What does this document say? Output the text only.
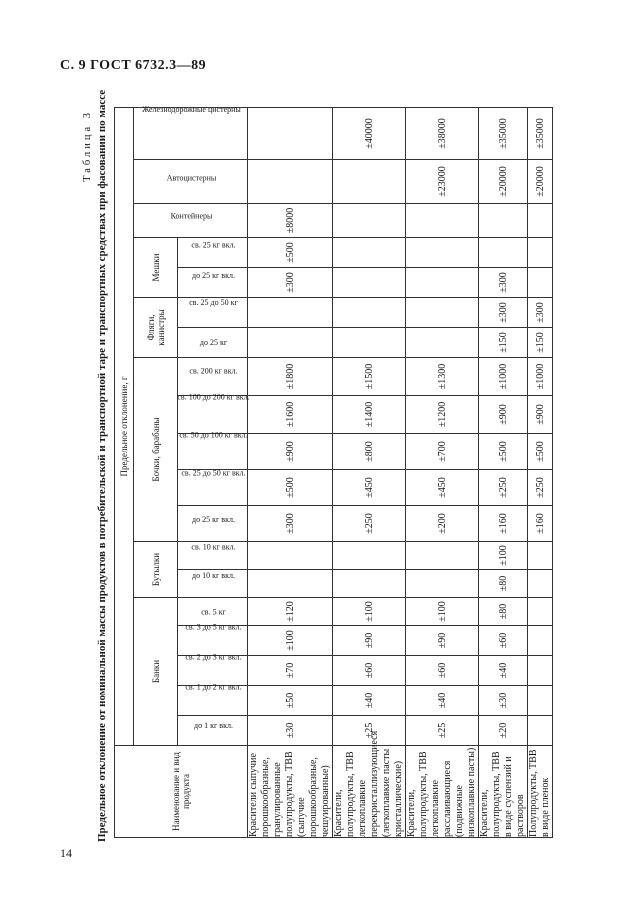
С. 9 ГОСТ 6732.3—89
14
Таблица 3 Предельное отклонение от номинальной массы продуктов в потребительской и транспортной таре и транспортных средствах при фасовании по массе	Наименование и вид продукта	Предельное отклонение, г																		
	Банки					Бутылки		Бочки, барабаны					Фляги, канистры		Мешки		Контейнеры	Автоцистерны	Железнодорожные цистерны
	до 1 кг вкл.	св. 1 до 2 кг вкл.	св. 2 до 3 кг вкл.	св. 3 до 5 кг вкл.	св. 5 кг	до 10 кг вкл.	св. 10 кг вкл.	до 25 кг вкл.	св. 25 до 50 кг вкл.	св. 50 до 100 кг вкл.	св. 100 до 200 кг вкл.	св. 200 кг вкл.	до 25 кг	св. 25 до 50 кг	до 25 кг вкл.	св. 25 кг вкл.			
Красители сыпучие порошкообразные, гранулированные полупродукты, ТВВ (сыпучие порошкообразные, чешуированные)	±30	±50	±70	±100	±120			±300	±500	±900	±1600	±1800			±300	±500	±8000		
Красители, полупродукты, ТВВ легкоплавкие перекристаллизующиеся (легкоплавкие пасты кристаллические)	±25	±40	±60	±90	±100			±250	±450	±800	±1400	±1500							±40000
Красители, полупродукты, ТВВ легкоплавкие расслаивающиеся (подвижные низкоплавкие пасты)	±25	±40	±60	±90	±100			±200	±450	±700	±1200	±1300						±23000	±38000
Красители, полупродукты, ТВВ в виде суспензий и растворов	±20	±30	±40	±60	±80	±80	±100	±160	±250	±500	±900	±1000	±150	±300	±300			±20000	±35000
Полупродукты, ТВВ в виде пленок								±160	±250	±500	±900	±1000	±150	±300				±20000	±35000
